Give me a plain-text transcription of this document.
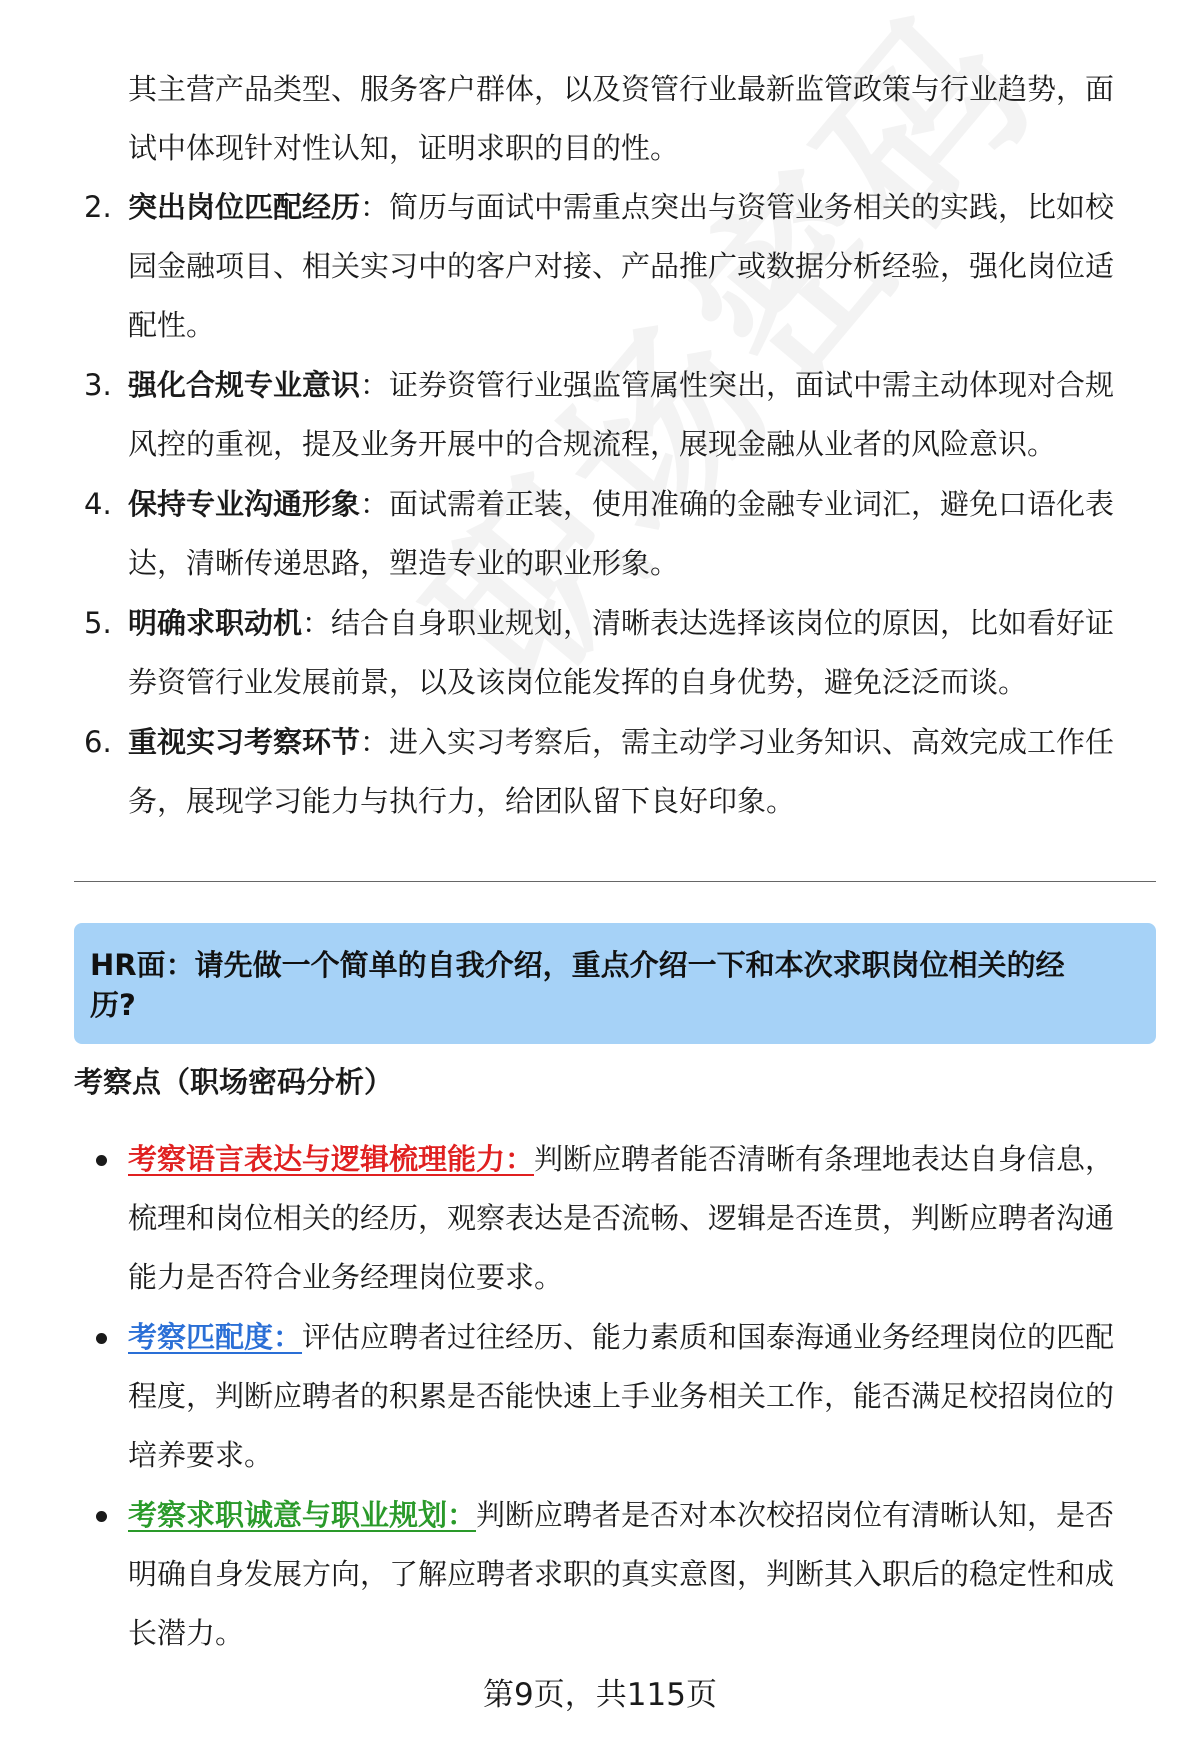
其主营产品类型、服务客户群体，以及资管行业最新监管政策与行业趋势，面试中体现针对性认知，证明求职的目的性。

2. 突出岗位匹配经历：简历与面试中需重点突出与资管业务相关的实践，比如校园金融项目、相关实习中的客户对接、产品推广或数据分析经验，强化岗位适配性。
3. 强化合规专业意识：证券资管行业强监管属性突出，面试中需主动体现对合规风控的重视，提及业务开展中的合规流程，展现金融从业者的风险意识。
4. 保持专业沟通形象：面试需着正装，使用准确的金融专业词汇，避免口语化表达，清晰传递思路，塑造专业的职业形象。
5. 明确求职动机：结合自身职业规划，清晰表达选择该岗位的原因，比如看好证券资管行业发展前景，以及该岗位能发挥的自身优势，避免泛泛而谈。
6. 重视实习考察环节：进入实习考察后，需主动学习业务知识、高效完成工作任务，展现学习能力与执行力，给团队留下良好印象。
HR面：请先做一个简单的自我介绍，重点介绍一下和本次求职岗位相关的经历?
考察点（职场密码分析）
考察语言表达与逻辑梳理能力：判断应聘者能否清晰有条理地表达自身信息，梳理和岗位相关的经历，观察表达是否流畅、逻辑是否连贯，判断应聘者沟通能力是否符合业务经理岗位要求。
考察匹配度：评估应聘者过往经历、能力素质和国泰海通业务经理岗位的匹配程度，判断应聘者的积累是否能快速上手业务相关工作，能否满足校招岗位的培养要求。
考察求职诚意与职业规划：判断应聘者是否对本次校招岗位有清晰认知，是否明确自身发展方向，了解应聘者求职的真实意图，判断其入职后的稳定性和成长潜力。
第9页，共115页
